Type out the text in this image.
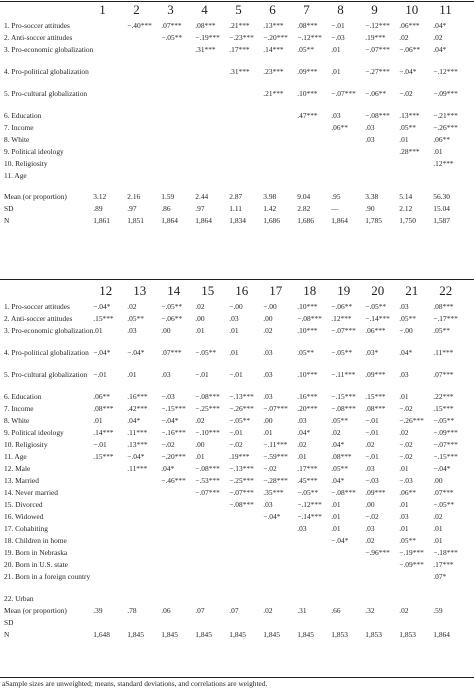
	1	2	3	4	5	6	7	8	9	10	11
1. Pro-soccer attitudes		−.40***	.07***	.08***	.21***	.13***	.08***	−.01	−.12***	.06***	.04*
2. Anti-soccer attitudes			−.05**	−.19***	−.23***	−.20***	−.12***	−.03	.19***	.02	.02
3. Pro-economic globalization				.31***	.17***	.14***	.05**	.01	−.07***	−.06**	.04*
4. Pro-political globalization					.31***	.23***	.09***	.01	−.27***	−.04*	−.12***
5. Pro-cultural globalization						.21***	.10***	−.07***	−.06**	−.02	−.09***
6. Education							.47***	.03	−.08***	.13***	−.21***
7. Income								.06**	.03	.05**	−.26***
8. White									.03	.01	.06**
9. Political ideology										.28***	.01
10. Religiosity											.12***
11. Age											

Mean (or proportion)	3.12	2.16	1.59	2.44	2.87	3.98	9.04	.95	3.38	5.14	56.30
SD	.89	.97	.86	.97	1.11	1.42	2.82	—	.90	2.12	15.04
N	1,861	1,851	1,864	1,864	1,834	1,686	1,686	1,864	1,785	1,750	1,587
	12	13	14	15	16	17	18	19	20	21	22
1. Pro-soccer attitudes	−.04*	.02	−.05**	.02	−.00	−.00	.10***	−.06**	−.05**	.03	.08***
2. Anti-soccer attitudes	.15***	.05**	−.06**	.00	.03	.00	−.08***	.12***	−.14***	.05**	−.17***
3. Pro-economic globalization	.01	.03	.00	.01	.01	.02	.10***	−.07***	.06***	−.00	.05**
4. Pro-political globalization	−.04*	−.04*	.07***	−.05**	.01	.03	.05**	−.05**	.03*	.04*	.11***
5. Pro-cultural globalization	−.01	.01	.03	−.01	−.01	.03	.10***	−.11***	.09***	.03	.07***
6. Education	.06**	.16***	−.03	−.08***	−.13***	.03	.16***	−.15***	.15***	.01	.22***
7. Income	.08***	.42***	−.15***	−.25***	−.26***	−.07***	.20***	−.08***	.08***	−.02	.15***
8. White	.01	.04*	−.04*	.02	−.05**	.00	.03	.05**	−.01	−.26***	−.05**
9. Political ideology	.14***	.11***	−.16***	−.10***	−.01	.01	.04*	.02	−.01	.02	−.09***
10. Religiosity	−.01	.13***	−.02	.00	−.02	−.11***	.02	.04*	.02	−.02	−.07***
11. Age	.15***	−.04*	−.20***	.01	.19***	−.59***	.01	.08***	−.01	−.02	−.15***
12. Male		.11***	.04*	−.08***	−.13***	−.02	.17***	.05**	.03	.01	−.04*
13. Married			−.46***	−.53***	−.25***	−.28***	.45***	.04*	−.03	−.03	.00
14. Never married				−.07***	−.07***	.35***	−.05**	−.08***	.09***	.06**	.07***
15. Divorced					−.08***	.03	−.12***	.01	.00	.01	−.05**
16. Widowed						−.04*	−.14***	.01	−.02	.03	.02
17. Cohabiting							.03	.01	.03	.01	.01
18. Children in home								−.04*	.02	.05**	.01
19. Born in Nebraska									−.96***	−.19***	−.18***
20. Born in U.S. state										−.09***	.17***
21. Born in a foreign country											.07*
22. Urban											
Mean (or proportion)	.39	.78	.06	.07	.07	.02	.31	.66	.32	.02	.59
SD											
N	1,648	1,845	1,845	1,845	1,845	1,845	1,845	1,853	1,853	1,853	1,864
aSample sizes are unweighted; means, standard deviations, and correlations are weighted.
